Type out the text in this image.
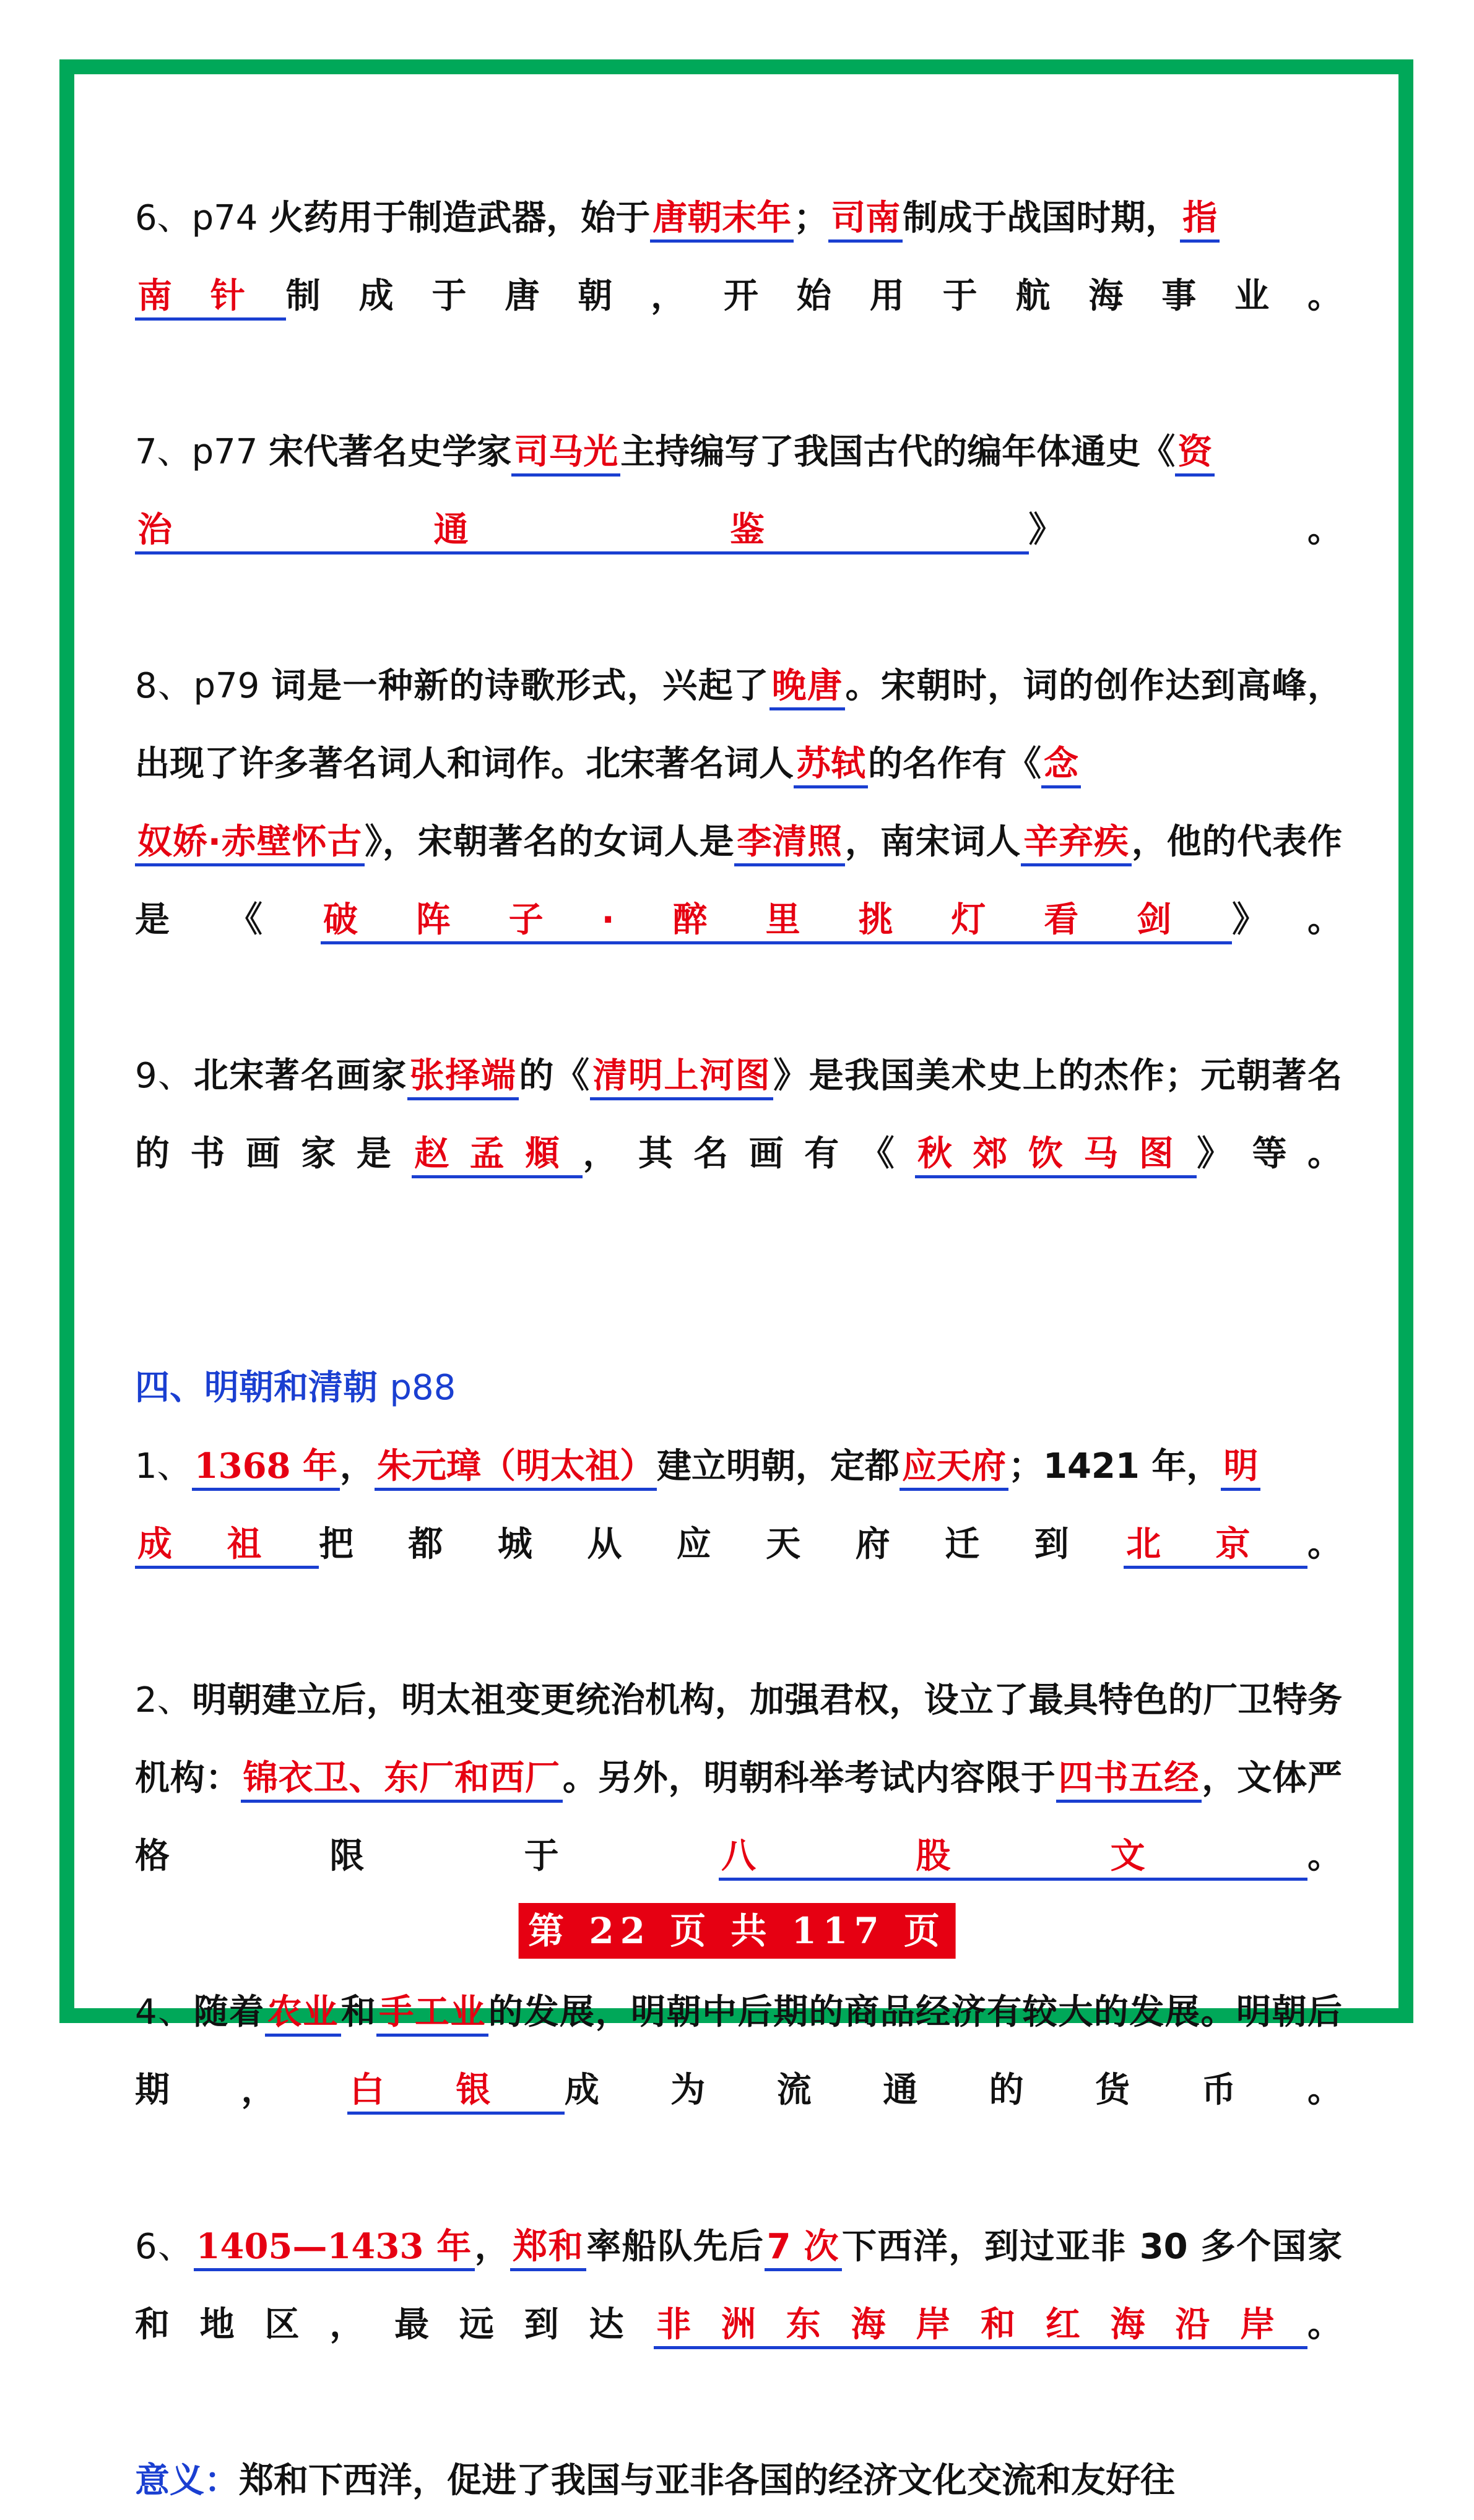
6、p74 火药用于制造武器，始于唐朝末年；司南制成于战国时期，指
南针制成于唐朝，开始用于航海事业。

7、p77 宋代著名史学家司马光主持编写了我国古代的编年体通史《资
治通鉴》。

8、p79 词是一种新的诗歌形式，兴起了晚唐。宋朝时，词的创作达到高峰，出现了许多著名词人和词作。北宋著名词人苏轼的名作有《念
奴娇·赤壁怀古》，宋朝著名的女词人是李清照，南宋词人辛弃疾，他的代表作是《破阵子·醉里挑灯看剑》。

9、北宋著名画家张择端的《清明上河图》是我国美术史上的杰作；元朝著名的书画家是赵孟頫，其名画有《秋郊饮马图》等。

四、明朝和清朝 p88

1、1368 年，朱元璋（明太祖）建立明朝，定都应天府；1421 年，明
成祖把都城从应天府迁到北京。

2、明朝建立后，明太祖变更统治机构，加强君权，设立了最具特色的厂卫特务机构：锦衣卫、东厂和西厂。另外，明朝科举考试内容限于四书五经，文体严格限于八股文。

4、随着农业和手工业的发展，明朝中后期的商品经济有较大的发展。明朝后期，白银成为流通的货币。

6、1405—1433 年，郑和率船队先后7 次下西洋，到过亚非 30 多个国家和地区，最远到达非洲东海岸和红海沿岸。

意义：郑和下西洋，促进了我国与亚非各国的经济文化交流和友好往

第 22 页 共 117 页
